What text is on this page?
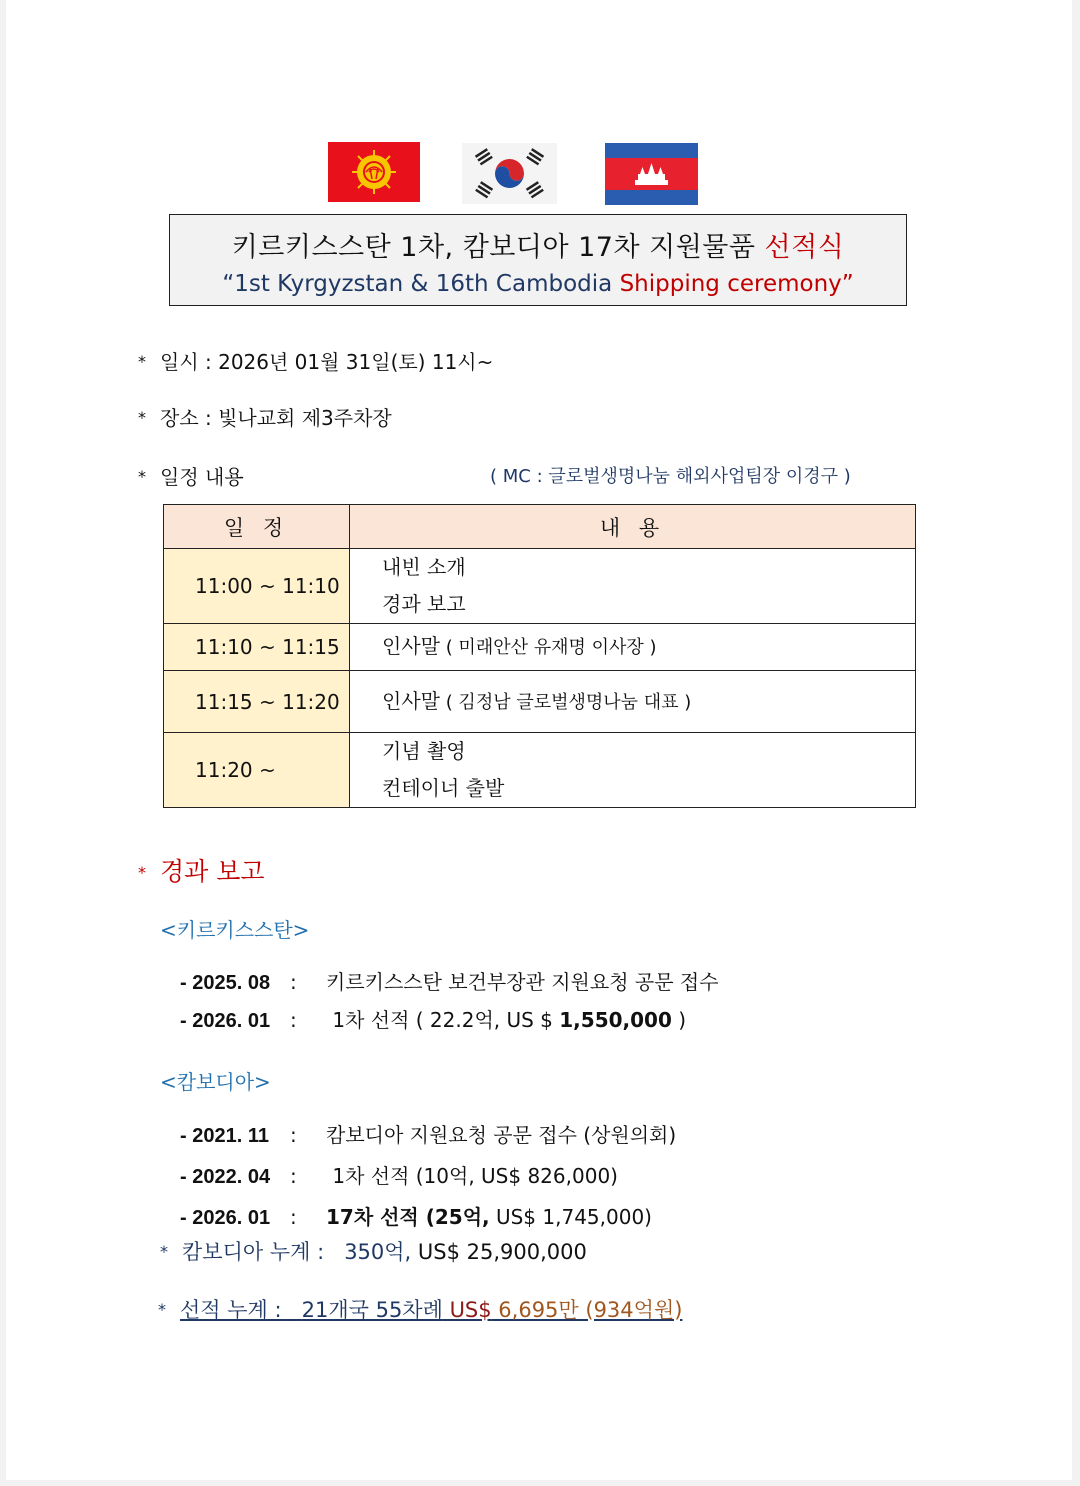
키르키스스탄 1차, 캄보디아 17차 지원물품 선적식
“1st Kyrgyzstan & 16th Cambodia Shipping ceremony”
* 일시 : 2026년 01월 31일(토) 11시~
* 장소 : 빛나교회 제3주차장
* 일정 내용	( MC : 글로벌생명나눔 해외사업팀장 이경구 )
일 정	내 용
11:00 ~ 11:10	내빈 소개
경과 보고

11:10 ~ 11:15	인사말 ( 미래안산 유재명 이사장 )
11:15 ~ 11:20	인사말 ( 김정남 글로벌생명나눔 대표 )
11:20 ~	기념 촬영
컨테이너 출발
* 경과 보고
<키르키스스탄>
- 2025. 08 : 키르키스스탄 보건부장관 지원요청 공문 접수
- 2026. 01 : 1차 선적 ( 22.2억, US $ 1,550,000 )
<캄보디아>
- 2021. 11 : 캄보디아 지원요청 공문 접수 (상원의회)
- 2022. 04 : 1차 선적 (10억, US$ 826,000)
- 2026. 01 : 17차 선적 (25억, US$ 1,745,000)
* 캄보디아 누계 : 350억, US$ 25,900,000
* 선적 누계 : 21개국 55차례 US$ 6,695만 (934억원)
